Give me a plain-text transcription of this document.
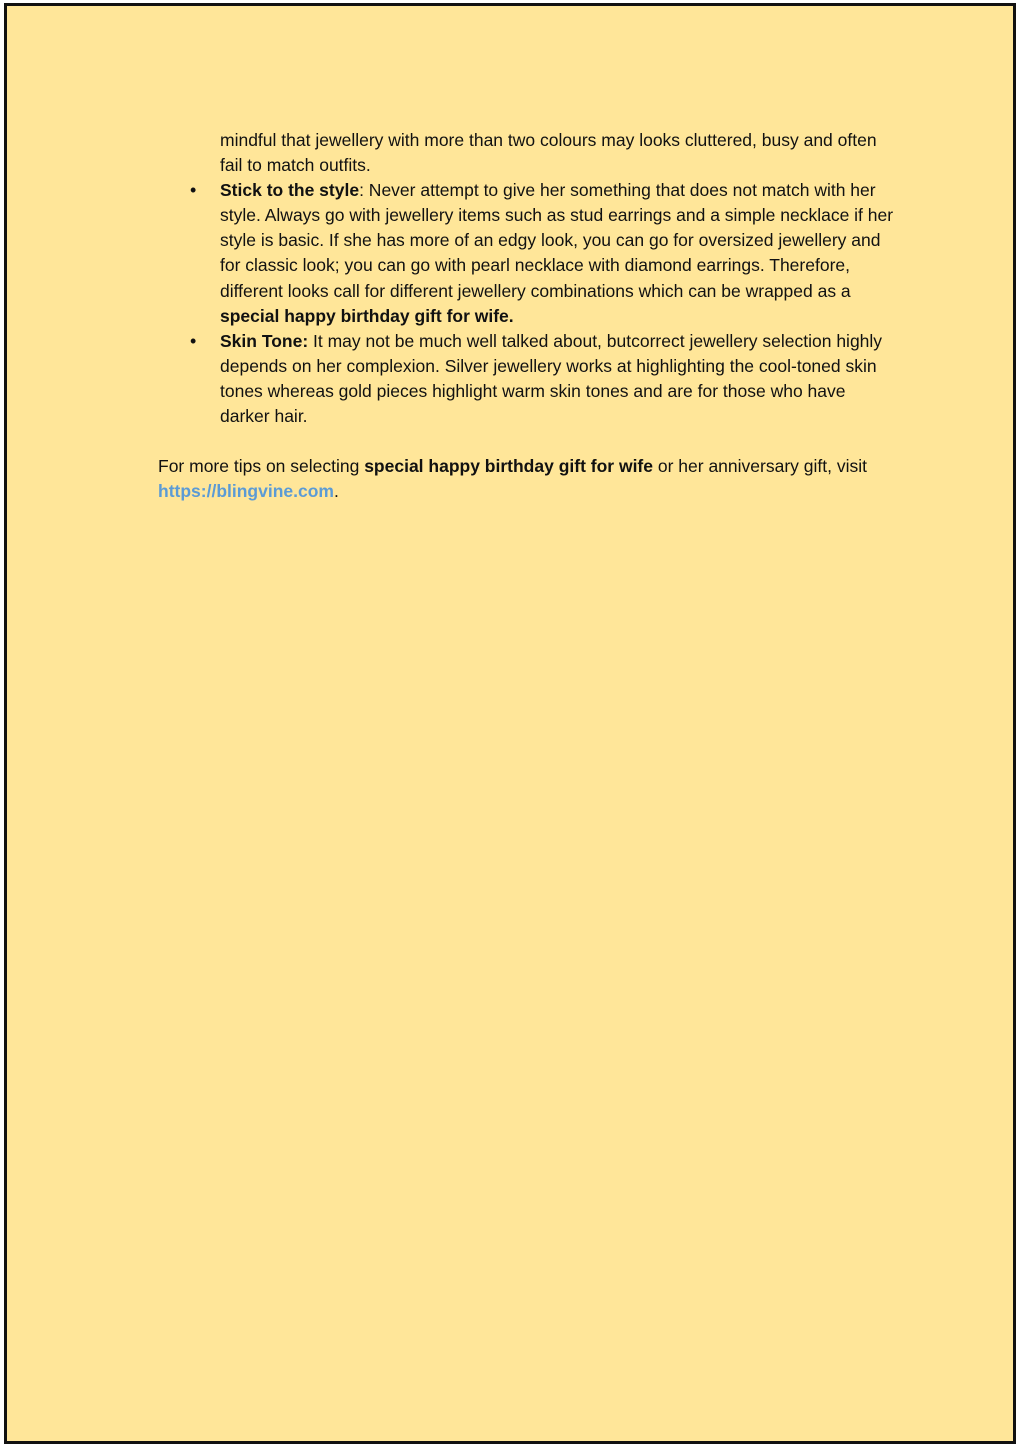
mindful that jewellery with more than two colours may looks cluttered, busy and often fail to match outfits.

• Stick to the style: Never attempt to give her something that does not match with her style. Always go with jewellery items such as stud earrings and a simple necklace if her style is basic. If she has more of an edgy look, you can go for oversized jewellery and for classic look; you can go with pearl necklace with diamond earrings. Therefore, different looks call for different jewellery combinations which can be wrapped as a special happy birthday gift for wife.
• Skin Tone: It may not be much well talked about, butcorrect jewellery selection highly depends on her complexion. Silver jewellery works at highlighting the cool-toned skin tones whereas gold pieces highlight warm skin tones and are for those who have darker hair.

For more tips on selecting special happy birthday gift for wife or her anniversary gift, visit https://blingvine.com.
